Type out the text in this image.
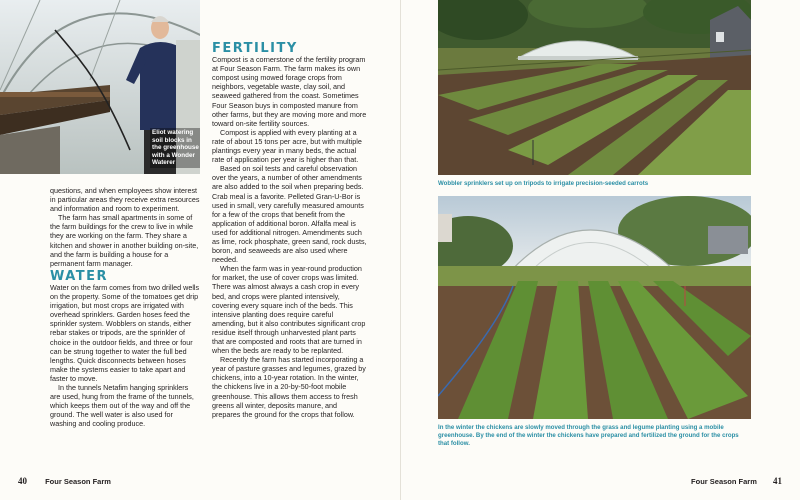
Eliot watering soil blocks in the greenhouse with a Wonder Waterer

questions, and when employees show interest in particular areas they receive extra resources and information and room to experiment.

The farm has small apartments in some of the farm buildings for the crew to live in while they are working on the farm. They share a kitchen and shower in another building on-site, and the farm is building a house for a permanent farm manager.

WATER

Water on the farm comes from two drilled wells on the property. Some of the tomatoes get drip irrigation, but most crops are irrigated with overhead sprinklers. Garden hoses feed the sprinkler system. Wobblers on stands, either rebar stakes or tripods, are the sprinkler of choice in the outdoor fields, and three or four can be strung together to water the full bed lengths. Quick disconnects between hoses make the systems easier to take apart and faster to move.

In the tunnels Netafim hanging sprinklers are used, hung from the frame of the tunnels, which keeps them out of the way and off the ground. The well water is also used for washing and cooling produce.

FERTILITY

Compost is a cornerstone of the fertility program at Four Season Farm. The farm makes its own compost using mowed forage crops from neighbors, vegetable waste, clay soil, and seaweed gathered from the coast. Sometimes Four Season buys in composted manure from other farms, but they are moving more and more toward on-site fertility sources.

Compost is applied with every planting at a rate of about 15 tons per acre, but with multiple plantings every year in many beds, the actual rate of application per year is higher than that.

Based on soil tests and careful observation over the years, a number of other amendments are also added to the soil when preparing beds. Crab meal is a favorite. Pelleted Gran-U-Bor is used in small, very carefully measured amounts for a few of the crops that benefit from the application of additional boron. Alfalfa meal is used for additional nitrogen. Amendments such as lime, rock phosphate, green sand, rock dusts, boron, and seaweeds are also used where needed.

When the farm was in year-round production for market, the use of cover crops was limited. There was almost always a cash crop in every bed, and crops were planted intensively, covering every square inch of the beds. This intensive planting does require careful amending, but it also contributes significant crop residue itself through unharvested plant parts that are composted and roots that are turned in when the beds are ready to be replanted.

Recently the farm has started incorporating a year of pasture grasses and legumes, grazed by chickens, into a 10-year rotation. In the winter, the chickens live in a 20-by-50-foot mobile greenhouse. This allows them access to fresh greens all winter, deposits manure, and prepares the ground for the crops that follow.

40 Four Season Farm
Wobbler sprinklers set up on tripods to irrigate precision-seeded carrots
In the winter the chickens are slowly moved through the grass and legume planting using a mobile greenhouse. By the end of the winter the chickens have prepared and fertilized the ground for the crops that follow.
Four Season Farm 41
